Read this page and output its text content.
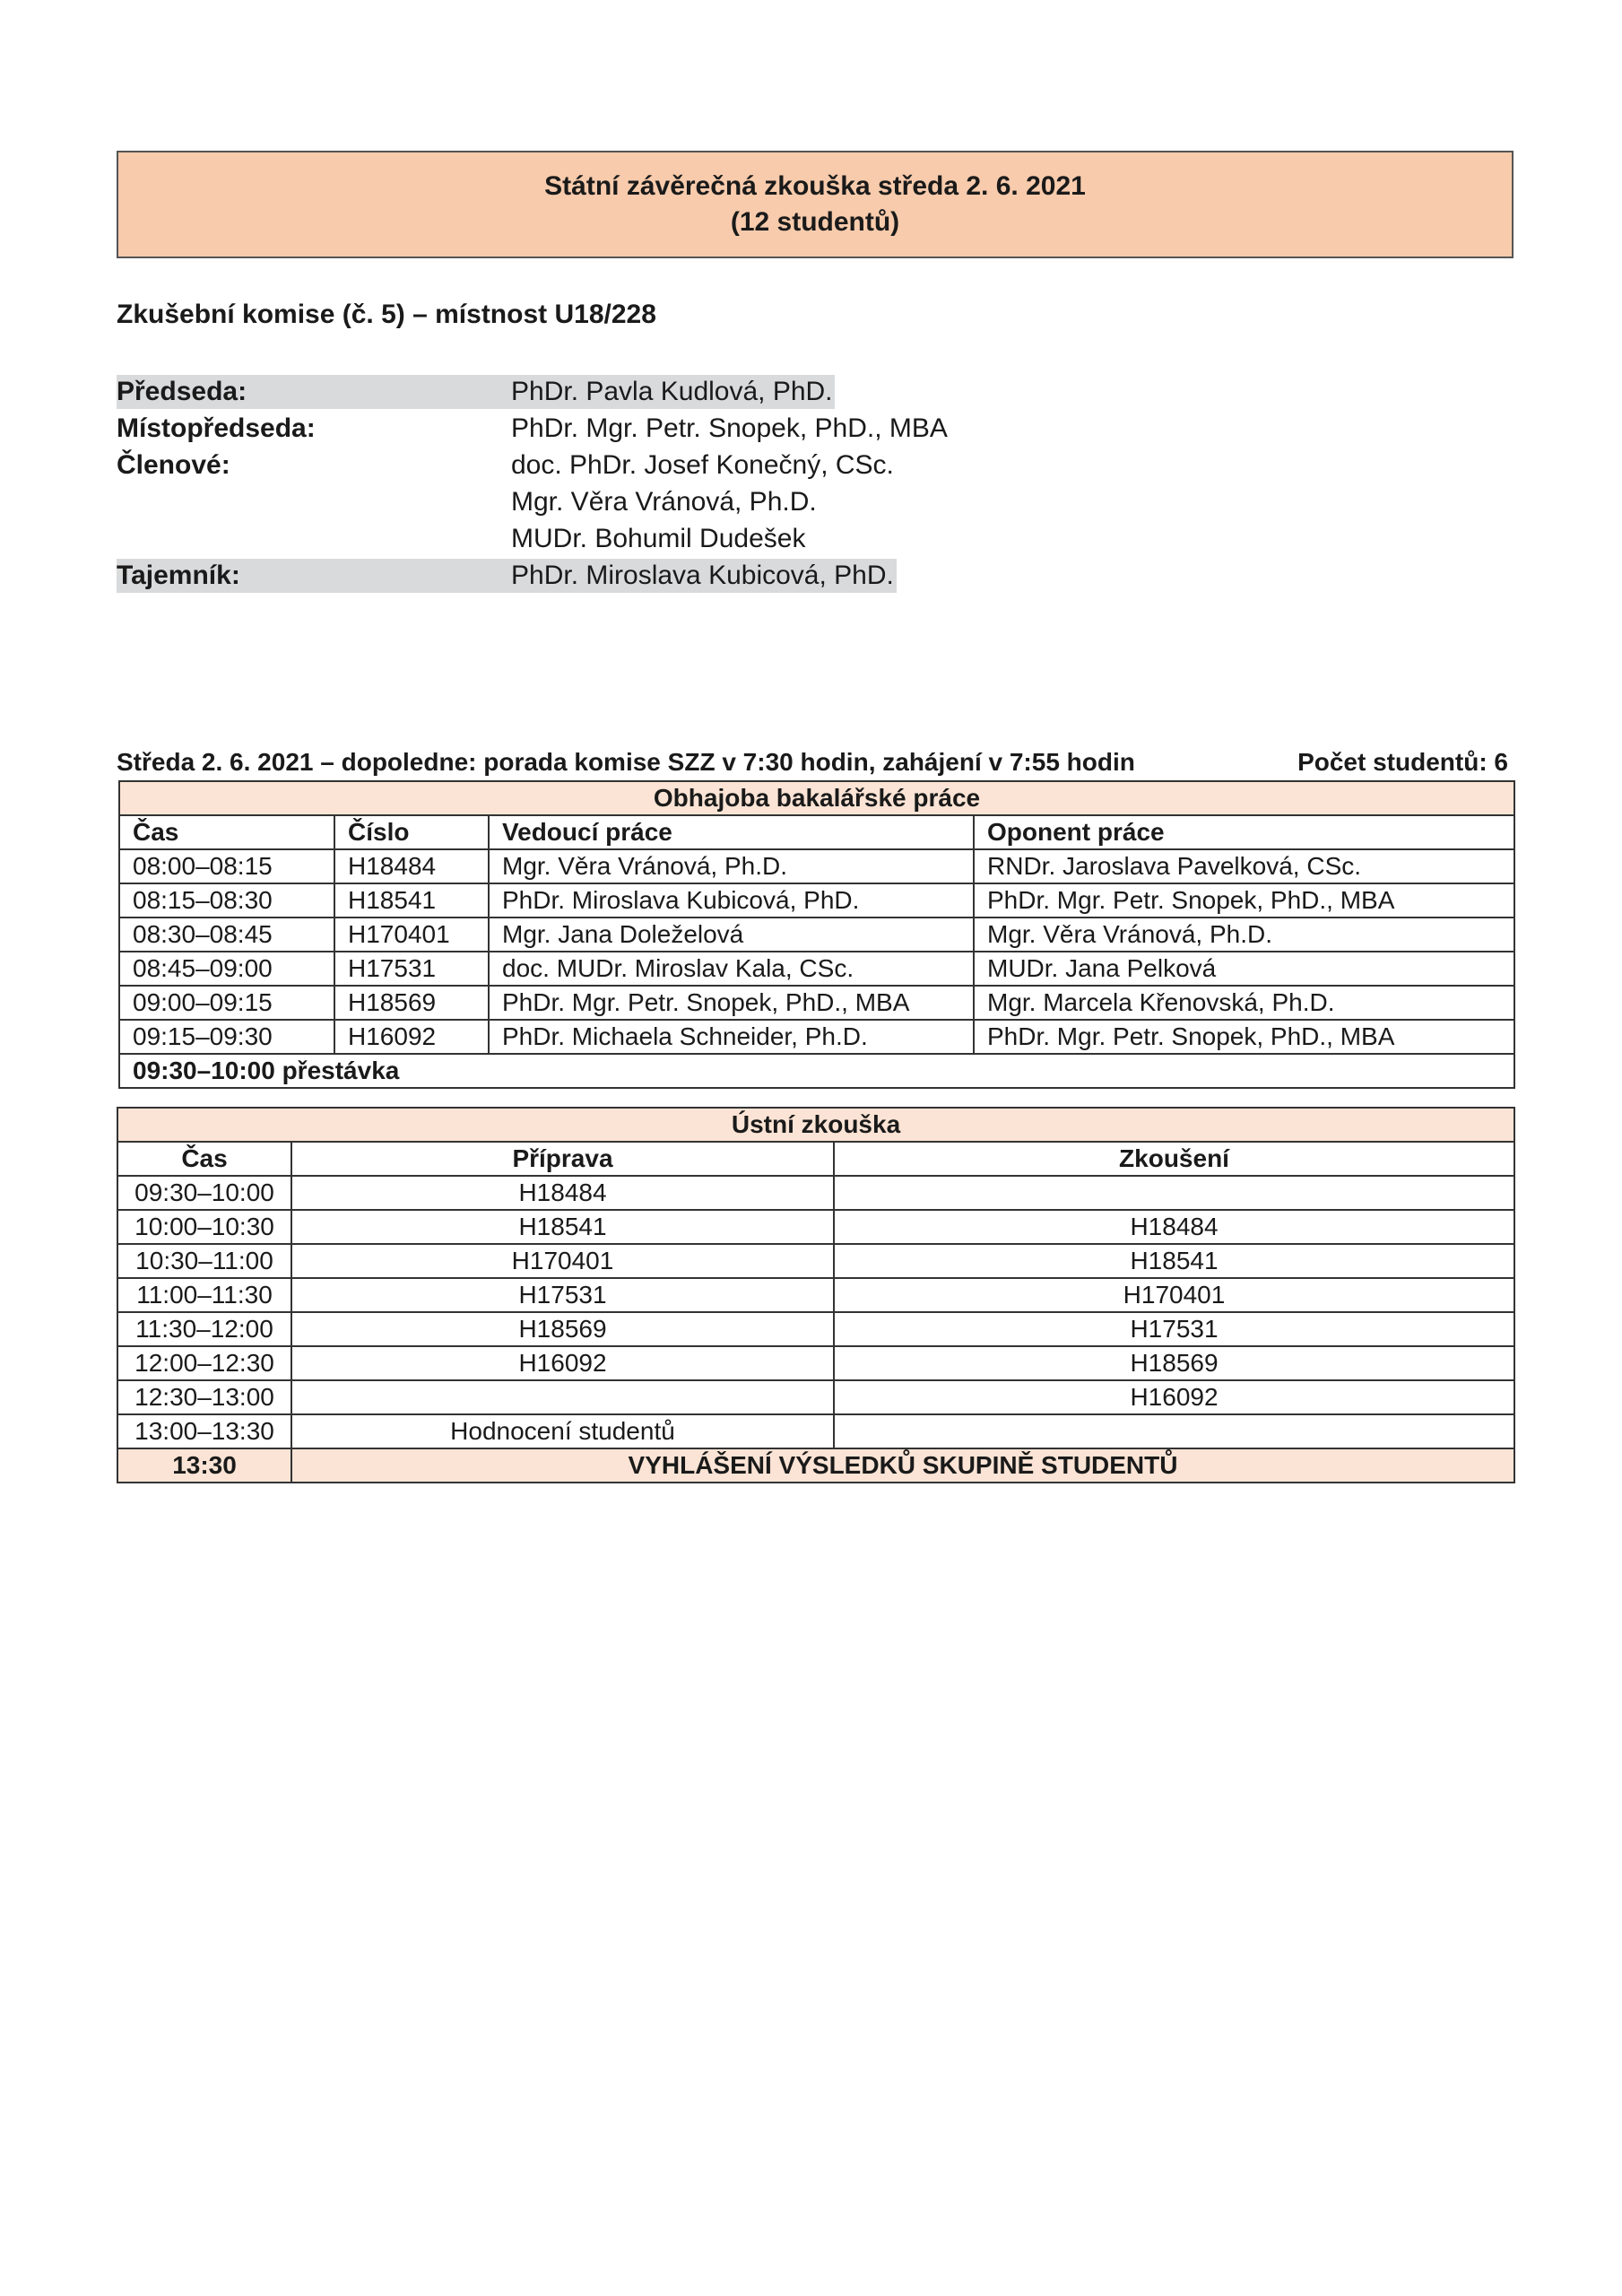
Státní závěrečná zkouška středa 2. 6. 2021
(12 studentů)
Zkušební komise (č. 5) – místnost U18/228
Předseda:	PhDr. Pavla Kudlová, PhD.
Místopředseda:	PhDr. Mgr. Petr. Snopek, PhD., MBA
Členové:	doc. PhDr. Josef Konečný, CSc.
Mgr. Věra Vránová, Ph.D.
MUDr. Bohumil Dudešek
Tajemník:	PhDr. Miroslava Kubicová, PhD.
Středa 2. 6. 2021 – dopoledne: porada komise SZZ v 7:30 hodin, zahájení v 7:55 hodin	Počet studentů: 6
Obhajoba bakalářské práce			
Čas	Číslo	Vedoucí práce	Oponent práce
08:00–08:15	H18484	Mgr. Věra Vránová, Ph.D.	RNDr. Jaroslava Pavelková, CSc.
08:15–08:30	H18541	PhDr. Miroslava Kubicová, PhD.	PhDr. Mgr. Petr. Snopek, PhD., MBA
08:30–08:45	H170401	Mgr. Jana Doleželová	Mgr. Věra Vránová, Ph.D.
08:45–09:00	H17531	doc. MUDr. Miroslav Kala, CSc.	MUDr. Jana Pelková
09:00–09:15	H18569	PhDr. Mgr. Petr. Snopek, PhD., MBA	Mgr. Marcela Křenovská, Ph.D.
09:15–09:30	H16092	PhDr. Michaela Schneider, Ph.D.	PhDr. Mgr. Petr. Snopek, PhD., MBA
09:30–10:00 přestávka			
Ústní zkouška		
Čas	Příprava	Zkoušení
09:30–10:00	H18484	
10:00–10:30	H18541	H18484
10:30–11:00	H170401	H18541
11:00–11:30	H17531	H170401
11:30–12:00	H18569	H17531
12:00–12:30	H16092	H18569
12:30–13:00		H16092
13:00–13:30	Hodnocení studentů	
13:30	VYHLÁŠENÍ VÝSLEDKŮ SKUPINĚ STUDENTŮ	
